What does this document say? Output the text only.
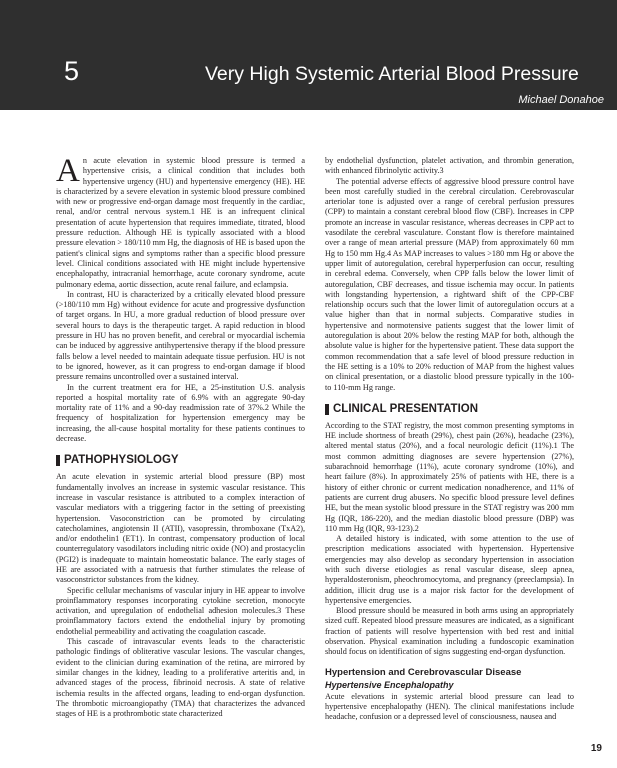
5	Very High Systemic Arterial Blood Pressure
Michael Donahoe

An acute elevation in systemic blood pressure is termed a hypertensive crisis, a clinical condition that includes both hypertensive urgency (HU) and hypertensive emergency (HE). HE is characterized by a severe elevation in systemic blood pressure combined with new or progressive end-organ damage most frequently in the cardiac, renal, and/or central nervous system.1 HE is an infrequent clinical presentation of acute hypertension that requires immediate, titrated, blood pressure reduction. Although HE is typically associated with a blood pressure elevation > 180/110 mm Hg, the diagnosis of HE is based upon the patient's clinical signs and symptoms rather than a specific blood pressure level. Clinical conditions associated with HE might include hypertensive encephalopathy, intracranial hemorrhage, acute coronary syndrome, acute pulmonary edema, aortic dissection, acute renal failure, and eclampsia.

In contrast, HU is characterized by a critically elevated blood pressure (>180/110 mm Hg) without evidence for acute and progressive dysfunction of target organs. In HU, a more gradual reduction of blood pressure over several hours to days is the therapeutic target. A rapid reduction in blood pressure in HU has no proven benefit, and cerebral or myocardial ischemia can be induced by aggressive antihypertensive therapy if the blood pressure falls below a level needed to maintain adequate tissue perfusion. HU is not to be ignored, however, as it can progress to end-organ damage if blood pressure remains uncontrolled over a sustained interval.

In the current treatment era for HE, a 25-institution U.S. analysis reported a hospital mortality rate of 6.9% with an aggregate 90-day mortality rate of 11% and a 90-day readmission rate of 37%.2 While the frequency of hospitalization for hypertension emergency may be increasing, the all-cause hospital mortality for these patients continues to decrease.

PATHOPHYSIOLOGY

An acute elevation in systemic arterial blood pressure (BP) most fundamentally involves an increase in systemic vascular resistance. This increase in vascular resistance is attributed to a complex interaction of vascular mediators with a triggering factor in the setting of preexisting hypertension. Vasoconstriction can be promoted by circulating catecholamines, angiotensin II (ATII), vasopressin, thromboxane (TxA2), and/or endothelin1 (ET1). In contrast, compensatory production of local counterregulatory vasodilators including nitric oxide (NO) and prostacyclin (PGI2) is inadequate to maintain homeostatic balance. The early stages of HE are associated with a natruesis that further stimulates the release of vasoconstrictor substances from the kidney.

Specific cellular mechanisms of vascular injury in HE appear to involve proinflammatory responses incorporating cytokine secretion, monocyte activation, and upregulation of endothelial adhesion molecules.3 These proinflammatory factors extend the endothelial injury by promoting endothelial permeability and activating the coagulation cascade.

This cascade of intravascular events leads to the characteristic pathologic findings of obliterative vascular lesions. The vascular changes, evident to the clinician during examination of the retina, are mirrored by similar changes in the kidney, leading to a proliferative arteritis and, in advanced stages of the process, fibrinoid necrosis. A state of relative ischemia results in the affected organs, leading to end-organ dysfunction. The thrombotic microangiopathy (TMA) that characterizes the advanced stages of HE is a prothrombotic state characterized

by endothelial dysfunction, platelet activation, and thrombin generation, with enhanced fibrinolytic activity.3

The potential adverse effects of aggressive blood pressure control have been most carefully studied in the cerebral circulation. Cerebrovascular arteriolar tone is adjusted over a range of cerebral perfusion pressures (CPP) to maintain a constant cerebral blood flow (CBF). Increases in CPP promote an increase in vascular resistance, whereas decreases in CPP act to vasodilate the cerebral vasculature. Constant flow is therefore maintained over a range of mean arterial pressure (MAP) from approximately 60 mm Hg to 150 mm Hg.4 As MAP increases to values >180 mm Hg or above the upper limit of autoregulation, cerebral hyperperfusion can occur, resulting in cerebral edema. Conversely, when CPP falls below the lower limit of autoregulation, CBF decreases, and tissue ischemia may occur. In patients with longstanding hypertension, a rightward shift of the CPP-CBF relationship occurs such that the lower limit of autoregulation occurs at a value higher than that in normal subjects. Comparative studies in hypertensive and normotensive patients suggest that the lower limit of autoregulation is about 20% below the resting MAP for both, although the absolute value is higher for the hypertensive patient. These data support the common recommendation that a safe level of blood pressure reduction in the HE setting is a 10% to 20% reduction of MAP from the highest values on clinical presentation, or a diastolic blood pressure typically in the 100- to 110-mm Hg range.

CLINICAL PRESENTATION

According to the STAT registry, the most common presenting symptoms in HE include shortness of breath (29%), chest pain (26%), headache (23%), altered mental status (20%), and a focal neurologic deficit (11%).1 The most common admitting diagnoses are severe hypertension (27%), subarachnoid hemorrhage (11%), acute coronary syndrome (10%), and heart failure (8%). In approximately 25% of patients with HE, there is a history of either chronic or current medication nonadherence, and 11% of patients are current drug abusers. No specific blood pressure level defines HE, but the mean systolic blood pressure in the STAT registry was 200 mm Hg (IQR, 186-220), and the median diastolic blood pressure (DBP) was 110 mm Hg (IQR, 93-123).2

A detailed history is indicated, with some attention to the use of prescription medications associated with hypertension. Hypertensive emergencies may also develop as secondary hypertension in association with such diverse etiologies as renal vascular disease, sleep apnea, hyperaldosteronism, pheochromocytoma, and pregnancy (preeclampsia). In addition, illicit drug use is a major risk factor for the development of hypertensive emergencies.

Blood pressure should be measured in both arms using an appropriately sized cuff. Repeated blood pressure measures are indicated, as a significant fraction of patients will resolve hypertension with bed rest and initial observation. Physical examination including a fundoscopic examination should focus on identification of signs suggesting end-organ dysfunction.

Hypertension and Cerebrovascular Disease
Hypertensive Encephalopathy

Acute elevations in systemic arterial blood pressure can lead to hypertensive encephalopathy (HEN). The clinical manifestations include headache, confusion or a depressed level of consciousness, nausea and

19
